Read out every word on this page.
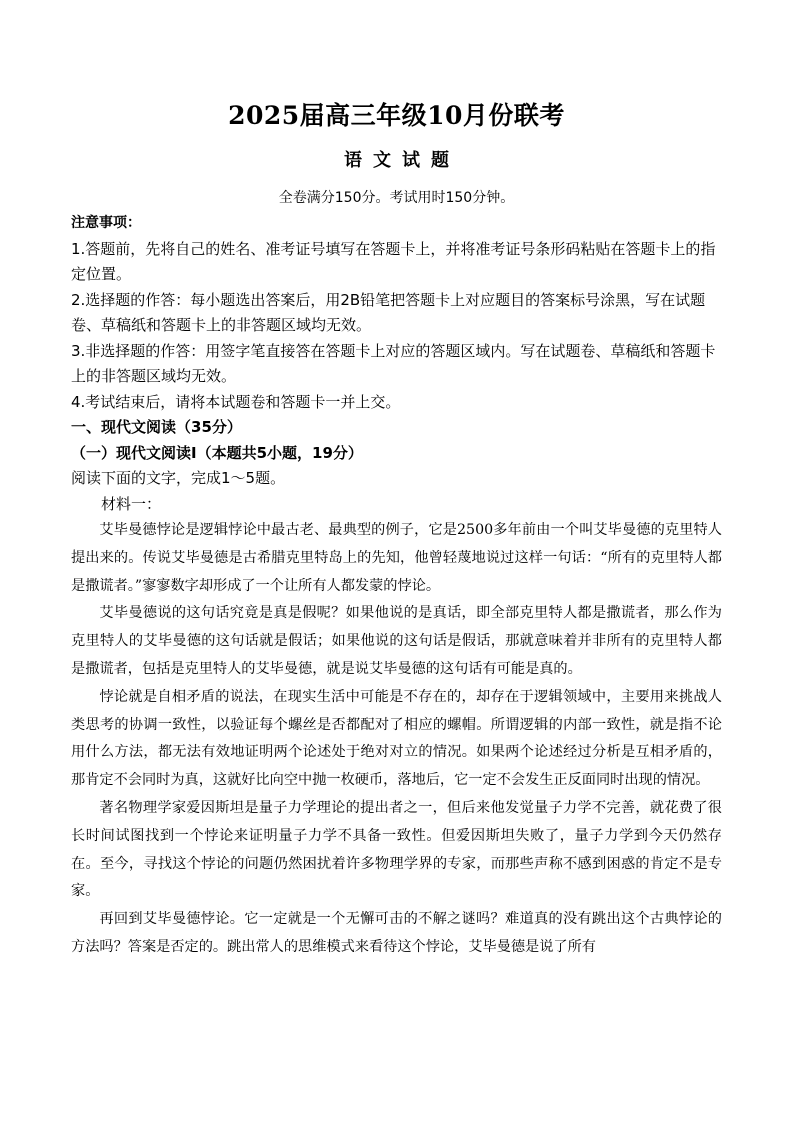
2025届高三年级10月份联考
语文试题
全卷满分150分。考试用时150分钟。

注意事项：

1.答题前，先将自己的姓名、准考证号填写在答题卡上，并将准考证号条形码粘贴在答题卡上的指定位置。

2.选择题的作答：每小题选出答案后，用2B铅笔把答题卡上对应题目的答案标号涂黑，写在试题卷、草稿纸和答题卡上的非答题区域均无效。

3.非选择题的作答：用签字笔直接答在答题卡上对应的答题区域内。写在试题卷、草稿纸和答题卡上的非答题区域均无效。

4.考试结束后，请将本试题卷和答题卡一并上交。

一、现代文阅读（35分）

（一）现代文阅读Ⅰ（本题共5小题，19分）

阅读下面的文字，完成1～5题。

材料一：

艾毕曼德悖论是逻辑悖论中最古老、最典型的例子，它是2500多年前由一个叫艾毕曼德的克里特人提出来的。传说艾毕曼德是古希腊克里特岛上的先知，他曾轻蔑地说过这样一句话：“所有的克里特人都是撒谎者。”寥寥数字却形成了一个让所有人都发蒙的悖论。

艾毕曼德说的这句话究竟是真是假呢？如果他说的是真话，即全部克里特人都是撒谎者，那么作为克里特人的艾毕曼德的这句话就是假话；如果他说的这句话是假话，那就意味着并非所有的克里特人都是撒谎者，包括是克里特人的艾毕曼德，就是说艾毕曼德的这句话有可能是真的。

悖论就是自相矛盾的说法，在现实生活中可能是不存在的，却存在于逻辑领域中，主要用来挑战人类思考的协调一致性，以验证每个螺丝是否都配对了相应的螺帽。所谓逻辑的内部一致性，就是指不论用什么方法，都无法有效地证明两个论述处于绝对对立的情况。如果两个论述经过分析是互相矛盾的，那肯定不会同时为真，这就好比向空中抛一枚硬币，落地后，它一定不会发生正反面同时出现的情况。

著名物理学家爱因斯坦是量子力学理论的提出者之一，但后来他发觉量子力学不完善，就花费了很长时间试图找到一个悖论来证明量子力学不具备一致性。但爱因斯坦失败了，量子力学到今天仍然存在。至今，寻找这个悖论的问题仍然困扰着许多物理学界的专家，而那些声称不感到困惑的肯定不是专家。

再回到艾毕曼德悖论。它一定就是一个无懈可击的不解之谜吗？难道真的没有跳出这个古典悖论的方法吗？答案是否定的。跳出常人的思维模式来看待这个悖论，艾毕曼德是说了所有
